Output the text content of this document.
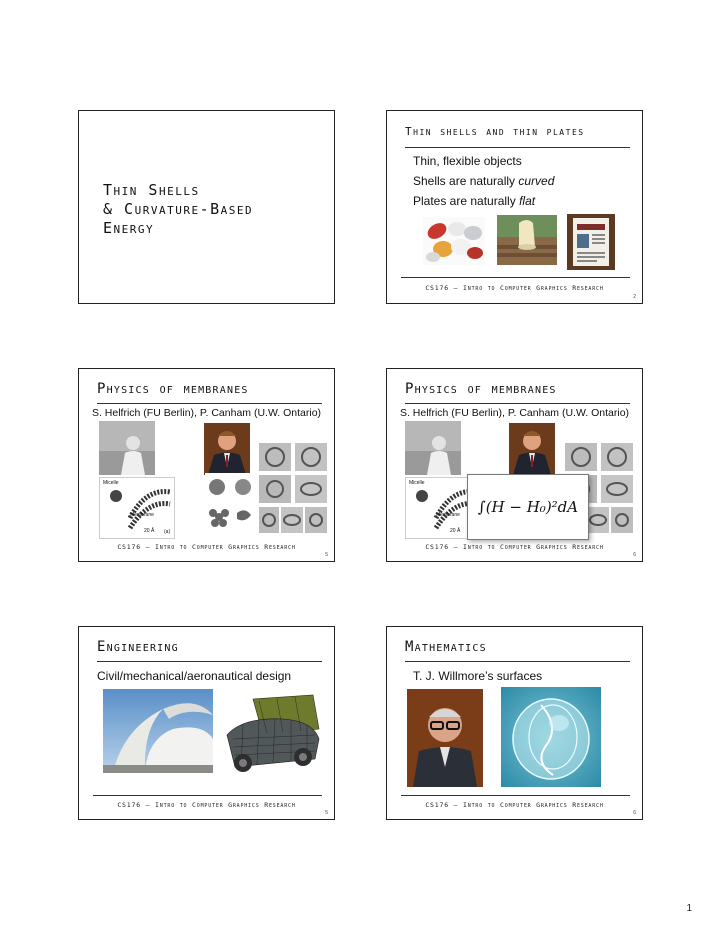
Thin Shells
& Curvature-Based
Energy
Thin shells and thin plates
Thin, flexible objects
Shells are naturally curved
Plates are naturally flat
CS176 – Intro to Computer Graphics Research
2
Physics of membranes
S. Helfrich (FU Berlin), P. Canham (U.W. Ontario)
Micelle
Membrane
20 Å (a)
CS176 – Intro to Computer Graphics Research
5
Physics of membranes
S. Helfrich (FU Berlin), P. Canham (U.W. Ontario)
Micelle
Membrane
20 Å
∫(H − H₀)²dA
CS176 – Intro to Computer Graphics Research
6
Engineering
Civil/mechanical/aeronautical design
CS176 – Intro to Computer Graphics Research
5
Mathematics
T. J. Willmore’s surfaces
CS176 – Intro to Computer Graphics Research
6
1
